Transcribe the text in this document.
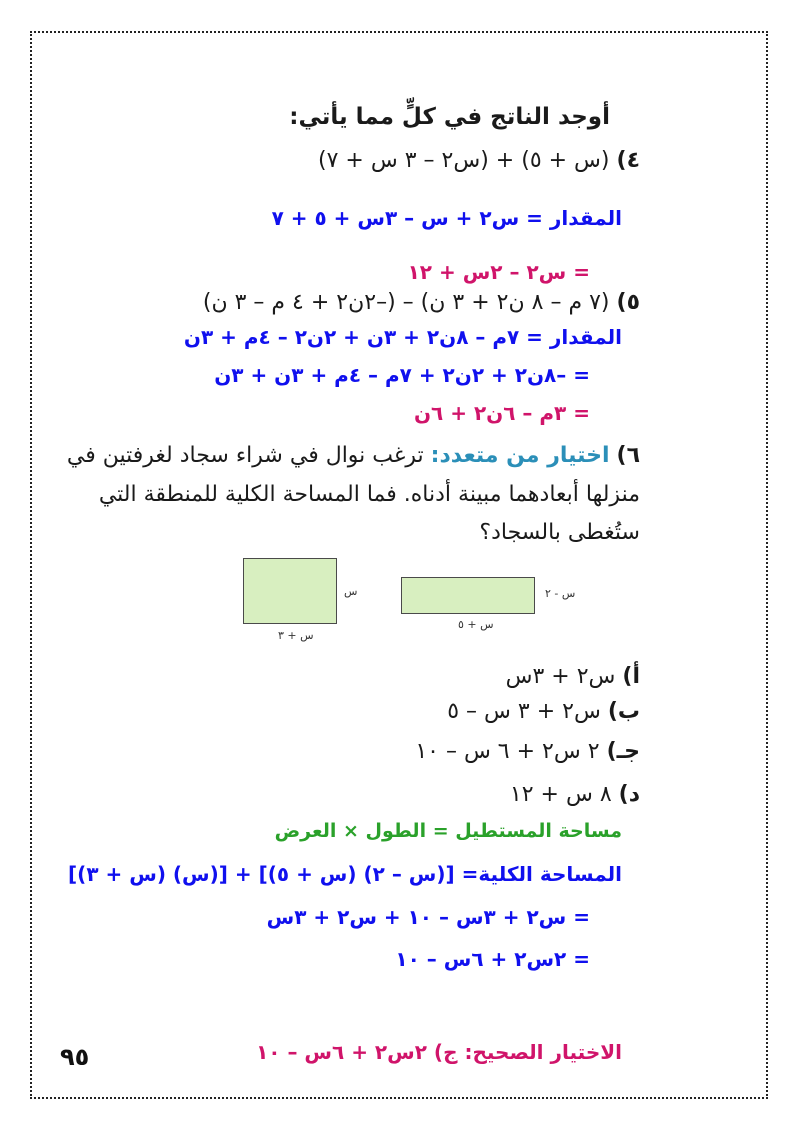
أوجد الناتج في كلٍّ مما يأتي:
٤) (س + ٥) + (س٢ – ٣ س + ٧)
المقدار = س٢ + س – ٣س + ٥ + ٧
= س٢ – ٢س + ١٢
٥) (٧ م – ٨ ن٢ + ٣ ن) – (–٢ن٢ + ٤ م – ٣ ن)
المقدار = ٧م – ٨ن٢ + ٣ن + ٢ن٢ – ٤م + ٣ن
= –٨ن٢ + ٢ن٢ + ٧م – ٤م + ٣ن + ٣ن
= ٣م – ٦ن٢ + ٦ن
٦) اختيار من متعدد: ترغب نوال في شراء سجاد لغرفتين في
منزلها أبعادهما مبينة أدناه. فما المساحة الكلية للمنطقة التي
ستُغطى بالسجاد؟
س
س + ٣
س - ٢
س + ٥
أ) س٢ + ٣س
ب) س٢ + ٣ س – ٥
جـ) ٢ س٢ + ٦ س – ١٠
د) ٨ س + ١٢
مساحة المستطيل = الطول × العرض
المساحة الكلية= [(س – ٢) (س + ٥)] + [(س) (س + ٣)]
= س٢ + ٣س – ١٠ + س٢ + ٣س
= ٢س٢ + ٦س – ١٠
الاختيار الصحيح: ج) ٢س٢ + ٦س – ١٠
٩٥
